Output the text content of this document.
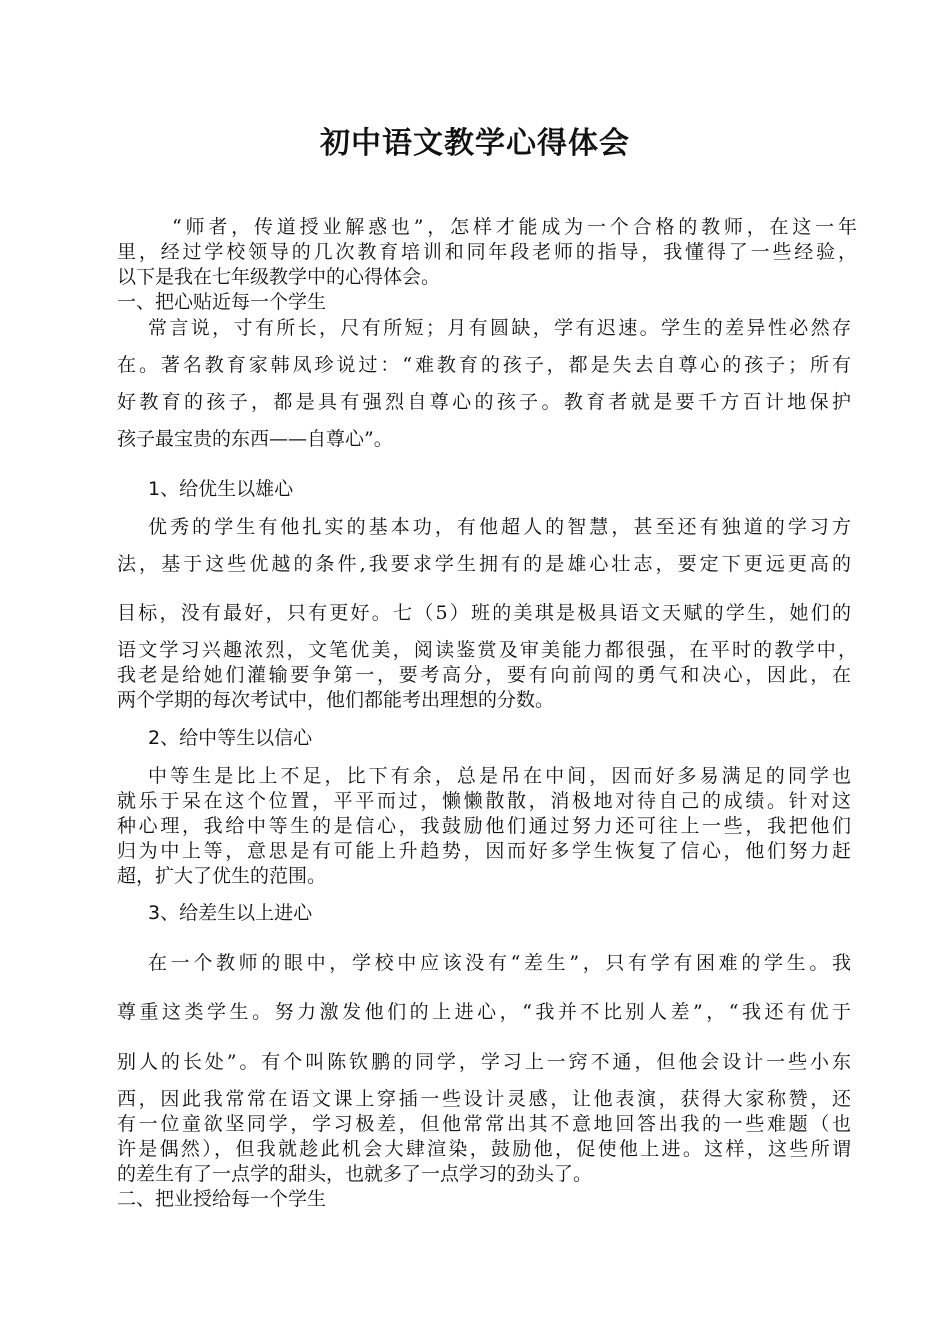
初中语文教学心得体会
“师者，传道授业解惑也”，怎样才能成为一个合格的教师，在这一年
里，经过学校领导的几次教育培训和同年段老师的指导，我懂得了一些经验，
以下是我在七年级教学中的心得体会。
一、把心贴近每一个学生
常言说，寸有所长，尺有所短；月有圆缺，学有迟速。学生的差异性必然存
在。著名教育家韩凤珍说过：“难教育的孩子，都是失去自尊心的孩子；所有
好教育的孩子，都是具有强烈自尊心的孩子。教育者就是要千方百计地保护
孩子最宝贵的东西——自尊心”。
1、给优生以雄心
优秀的学生有他扎实的基本功，有他超人的智慧，甚至还有独道的学习方
法，基于这些优越的条件,我要求学生拥有的是雄心壮志，要定下更远更高的
目标，没有最好，只有更好。七（5）班的美琪是极具语文天赋的学生，她们的
语文学习兴趣浓烈，文笔优美，阅读鉴赏及审美能力都很强，在平时的教学中，
我老是给她们灌输要争第一，要考高分，要有向前闯的勇气和决心，因此，在
两个学期的每次考试中，他们都能考出理想的分数。
2、给中等生以信心
中等生是比上不足，比下有余，总是吊在中间，因而好多易满足的同学也
就乐于呆在这个位置，平平而过，懒懒散散，消极地对待自己的成绩。针对这
种心理，我给中等生的是信心，我鼓励他们通过努力还可往上一些，我把他们
归为中上等，意思是有可能上升趋势，因而好多学生恢复了信心，他们努力赶
超，扩大了优生的范围。
3、给差生以上进心
在一个教师的眼中，学校中应该没有“差生”，只有学有困难的学生。我
尊重这类学生。努力激发他们的上进心，“我并不比别人差”，“我还有优于
别人的长处”。有个叫陈钦鹏的同学，学习上一窍不通，但他会设计一些小东
西，因此我常常在语文课上穿插一些设计灵感，让他表演，获得大家称赞，还
有一位童欲坚同学，学习极差，但他常常出其不意地回答出我的一些难题（也
许是偶然），但我就趁此机会大肆渲染，鼓励他，促使他上进。这样，这些所谓
的差生有了一点学的甜头，也就多了一点学习的劲头了。
二、把业授给每一个学生
